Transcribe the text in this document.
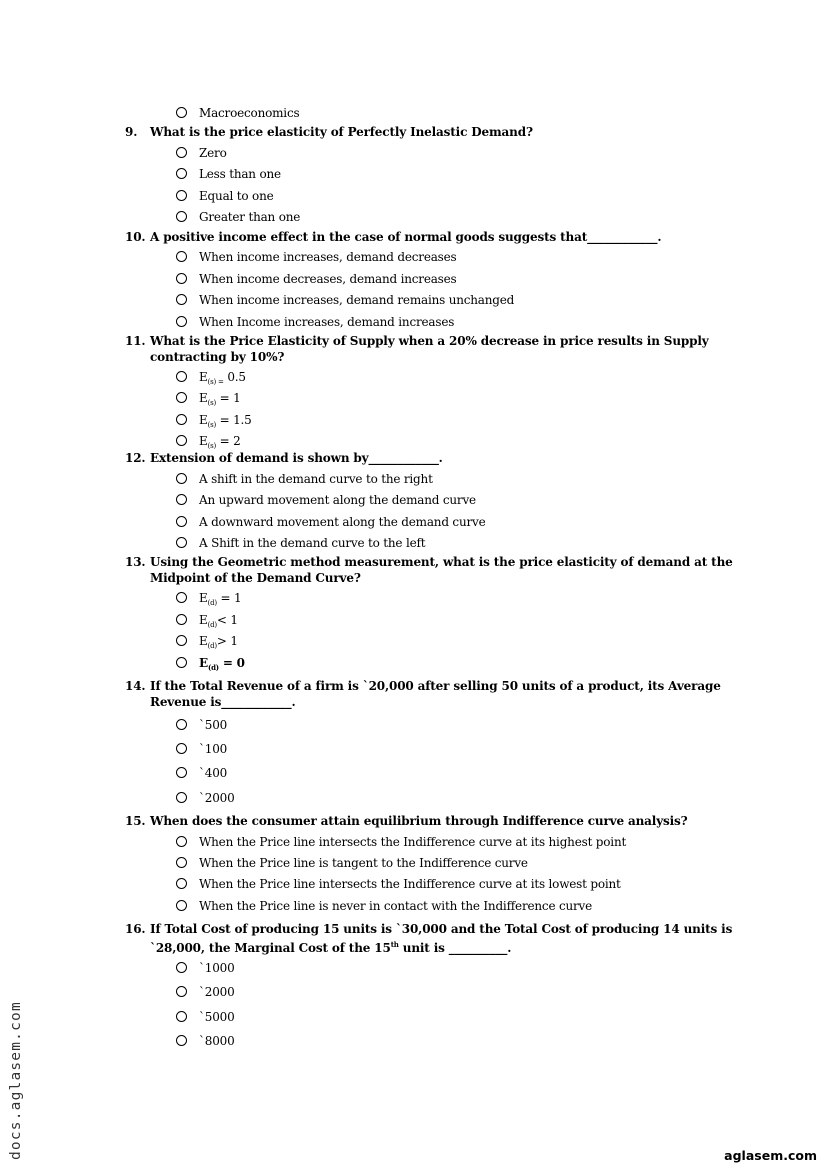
Macroeconomics
9. What is the price elasticity of Perfectly Inelastic Demand?
Zero
Less than one
Equal to one
Greater than one
10. A positive income effect in the case of normal goods suggests that____________.
When income increases, demand decreases
When income decreases, demand increases
When income increases, demand remains unchanged
When Income increases, demand increases
11. What is the Price Elasticity of Supply when a 20% decrease in price results in Supply contracting by 10%?
$E_{(s) =}$ 0.5
$E_{(s)} = 1$
$E_{(s)} = 1.5$
$E_{(s)} = 2$
12. Extension of demand is shown by____________.
A shift in the demand curve to the right
An upward movement along the demand curve
A downward movement along the demand curve
A Shift in the demand curve to the left
13. Using the Geometric method measurement, what is the price elasticity of demand at the Midpoint of the Demand Curve?
$E_{(d)} = 1$
$E_{(d)}< 1$
$E_{(d)}> 1$
$E_{(d)} = 0$
14. If the Total Revenue of a firm is `20,000 after selling 50 units of a product, its Average Revenue is____________.
`500
`100
`400
`2000
15. When does the consumer attain equilibrium through Indifference curve analysis?
When the Price line intersects the Indifference curve at its highest point
When the Price line is tangent to the Indifference curve
When the Price line intersects the Indifference curve at its lowest point
When the Price line is never in contact with the Indifference curve
16. If Total Cost of producing 15 units is `30,000 and the Total Cost of producing 14 units is `28,000, the Marginal Cost of the 15th unit is __________.
`1000
`2000
`5000
`8000
docs.aglasem.com	aglasem.com
